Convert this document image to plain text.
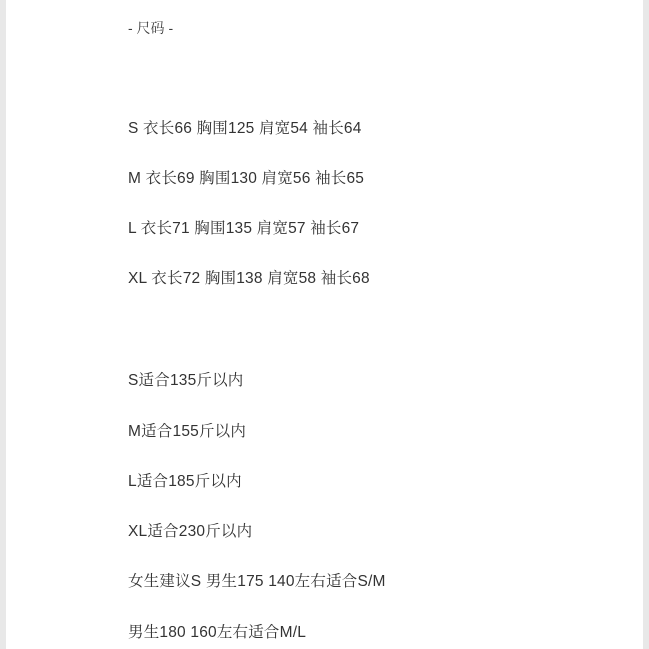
- 尺码 -
S 衣长66 胸围125 肩宽54 袖长64
M 衣长69 胸围130 肩宽56 袖长65
L 衣长71 胸围135 肩宽57 袖长67
XL 衣长72 胸围138 肩宽58 袖长68
S适合135斤以内
M适合155斤以内
L适合185斤以内
XL适合230斤以内
女生建议S 男生175 140左右适合S/M
男生180 160左右适合M/L
